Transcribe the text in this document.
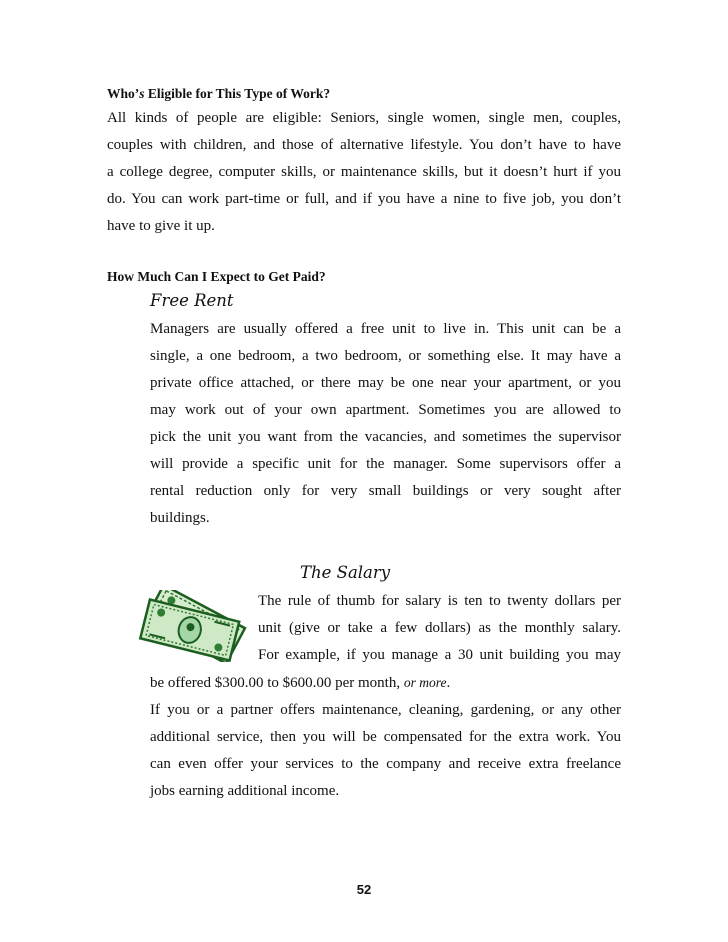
Who’s Eligible for This Type of Work?
All kinds of people are eligible: Seniors, single women, single men, couples,
couples with children, and those of alternative lifestyle. You don’t have to have
a college degree, computer skills, or maintenance skills, but it doesn’t hurt if you
do. You can work part-time or full, and if you have a nine to five job, you don’t
have to give it up.
How Much Can I Expect to Get Paid?
Free Rent
Managers are usually offered a free unit to live in. This unit can be a
single, a one bedroom, a two bedroom, or something else. It may have a
private office attached, or there may be one near your apartment, or you
may work out of your own apartment. Sometimes you are allowed to
pick the unit you want from the vacancies, and sometimes the supervisor
will provide a specific unit for the manager. Some supervisors offer a
rental reduction only for very small buildings or very sought after
buildings.
The Salary
The rule of thumb for salary is ten to twenty dollars per
unit (give or take a few dollars) as the monthly salary.
For example, if you manage a 30 unit building you may
be offered $300.00 to $600.00 per month, or more.
If you or a partner offers maintenance, cleaning, gardening, or any other
additional service, then you will be compensated for the extra work. You
can even offer your services to the company and receive extra freelance
jobs earning additional income.
52
